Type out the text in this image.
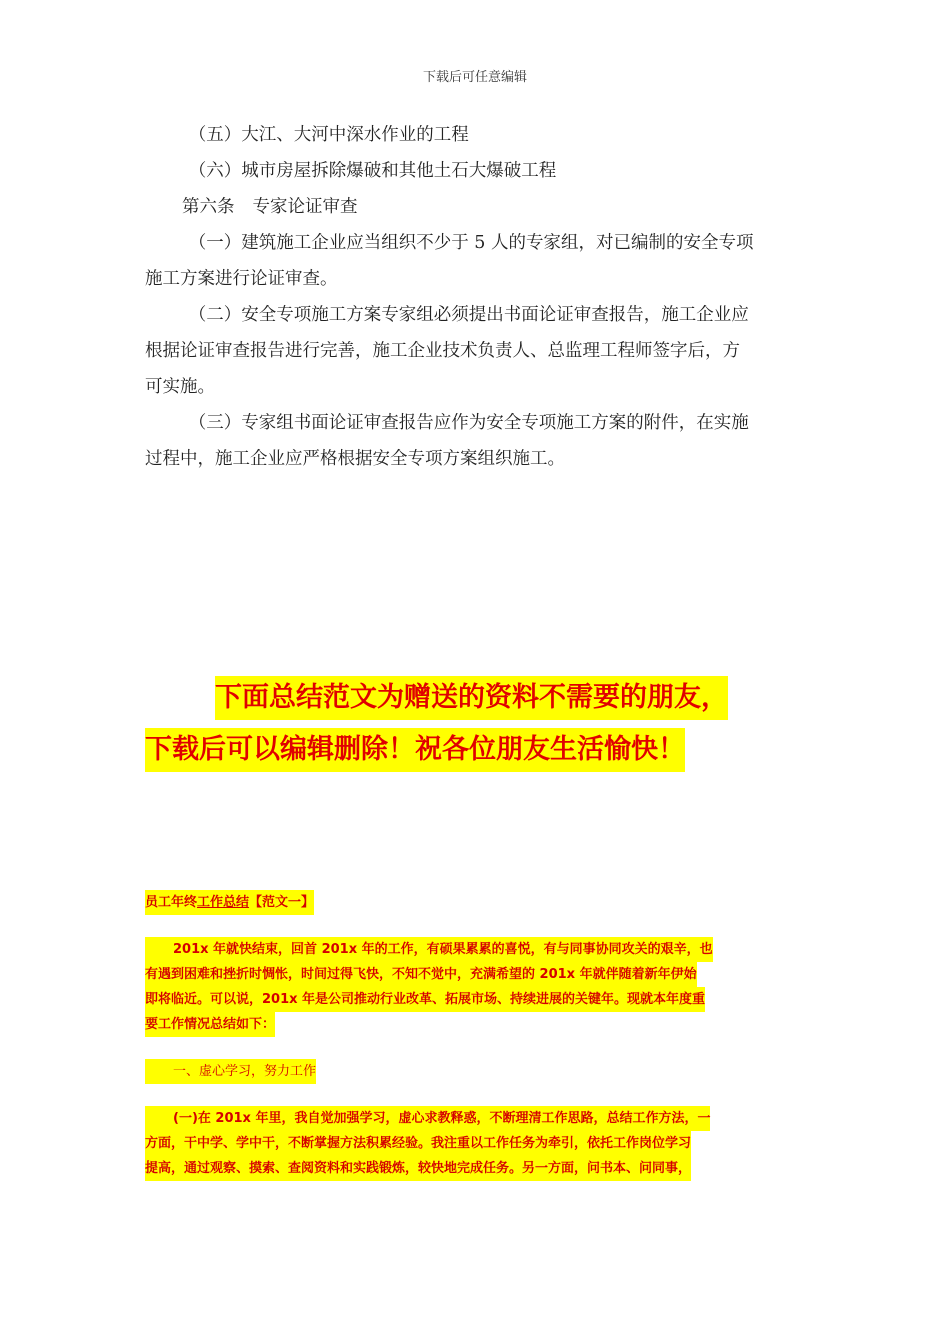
下载后可任意编辑

（五）大江、大河中深水作业的工程

（六）城市房屋拆除爆破和其他土石大爆破工程

第六条 专家论证审查

（一）建筑施工企业应当组织不少于 5 人的专家组，对已编制的安全专项

施工方案进行论证审查。

（二）安全专项施工方案专家组必须提出书面论证审查报告，施工企业应

根据论证审查报告进行完善，施工企业技术负责人、总监理工程师签字后，方

可实施。

（三）专家组书面论证审查报告应作为安全专项施工方案的附件，在实施

过程中，施工企业应严格根据安全专项方案组织施工。

下面总结范文为赠送的资料不需要的朋友，
下载后可以编辑删除！祝各位朋友生活愉快！
员工年终工作总结【范文一】
201x 年就快结束，回首 201x 年的工作，有硕果累累的喜悦，有与同事协同攻关的艰辛，也
有遇到困难和挫折时惆怅，时间过得飞快，不知不觉中，充满希望的 201x 年就伴随着新年伊始
即将临近。可以说，201x 年是公司推动行业改革、拓展市场、持续进展的关键年。现就本年度重
要工作情况总结如下：
一、虚心学习，努力工作
(一)在 201x 年里，我自觉加强学习，虚心求教释惑，不断理清工作思路，总结工作方法，一
方面，干中学、学中干，不断掌握方法积累经验。我注重以工作任务为牵引，依托工作岗位学习
提高，通过观察、摸索、查阅资料和实践锻炼，较快地完成任务。另一方面，问书本、问同事，
